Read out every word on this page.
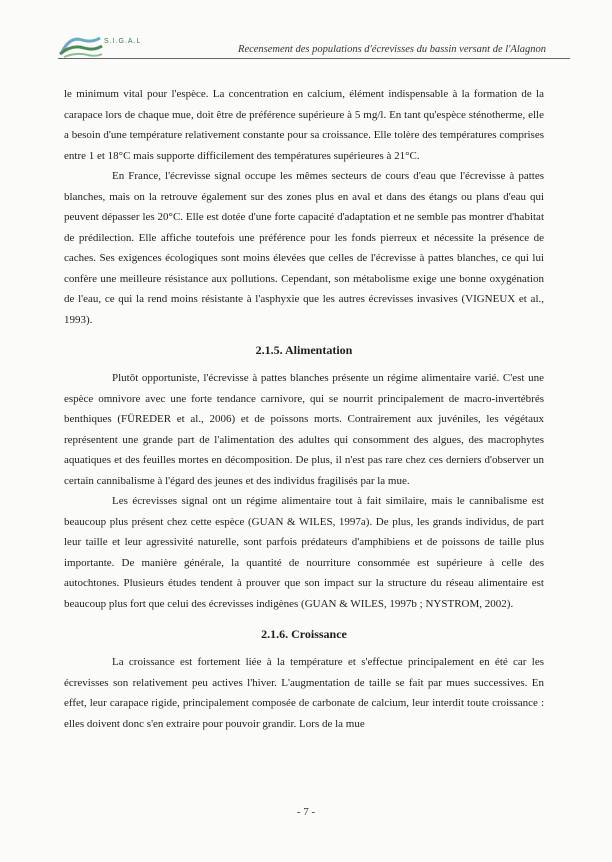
S.I.G.A.L
Recensement des populations d'écrevisses du bassin versant de l'Alagnon

le minimum vital pour l'espèce. La concentration en calcium, élément indispensable à la formation de la carapace lors de chaque mue, doit être de préférence supérieure à 5 mg/l. En tant qu'espèce sténotherme, elle a besoin d'une température relativement constante pour sa croissance. Elle tolère des températures comprises entre 1 et 18°C mais supporte difficilement des températures supérieures à 21°C.

En France, l'écrevisse signal occupe les mêmes secteurs de cours d'eau que l'écrevisse à pattes blanches, mais on la retrouve également sur des zones plus en aval et dans des étangs ou plans d'eau qui peuvent dépasser les 20°C. Elle est dotée d'une forte capacité d'adaptation et ne semble pas montrer d'habitat de prédilection. Elle affiche toutefois une préférence pour les fonds pierreux et nécessite la présence de caches. Ses exigences écologiques sont moins élevées que celles de l'écrevisse à pattes blanches, ce qui lui confère une meilleure résistance aux pollutions. Cependant, son métabolisme exige une bonne oxygénation de l'eau, ce qui la rend moins résistante à l'asphyxie que les autres écrevisses invasives (VIGNEUX et al., 1993).

2.1.5. Alimentation

Plutôt opportuniste, l'écrevisse à pattes blanches présente un régime alimentaire varié. C'est une espèce omnivore avec une forte tendance carnivore, qui se nourrit principalement de macro-invertébrés benthiques (FÜREDER et al., 2006) et de poissons morts. Contrairement aux juvéniles, les végétaux représentent une grande part de l'alimentation des adultes qui consomment des algues, des macrophytes aquatiques et des feuilles mortes en décomposition. De plus, il n'est pas rare chez ces derniers d'observer un certain cannibalisme à l'égard des jeunes et des individus fragilisés par la mue.

Les écrevisses signal ont un régime alimentaire tout à fait similaire, mais le cannibalisme est beaucoup plus présent chez cette espèce (GUAN & WILES, 1997a). De plus, les grands individus, de part leur taille et leur agressivité naturelle, sont parfois prédateurs d'amphibiens et de poissons de taille plus importante. De manière générale, la quantité de nourriture consommée est supérieure à celle des autochtones. Plusieurs études tendent à prouver que son impact sur la structure du réseau alimentaire est beaucoup plus fort que celui des écrevisses indigènes (GUAN & WILES, 1997b ; NYSTROM, 2002).

2.1.6. Croissance

La croissance est fortement liée à la température et s'effectue principalement en été car les écrevisses son relativement peu actives l'hiver. L'augmentation de taille se fait par mues successives. En effet, leur carapace rigide, principalement composée de carbonate de calcium, leur interdit toute croissance : elles doivent donc s'en extraire pour pouvoir grandir. Lors de la mue

- 7 -
